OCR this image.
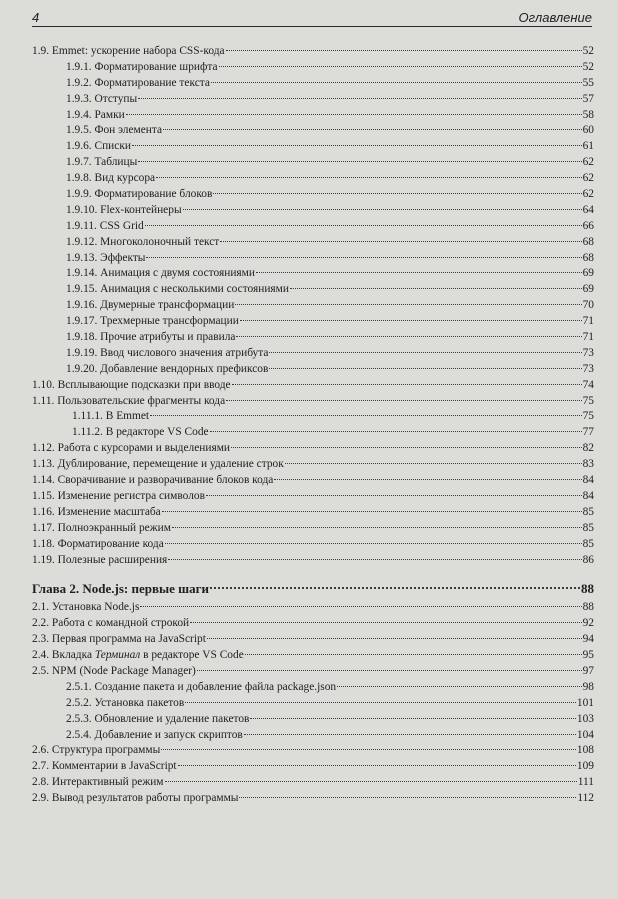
4	Оглавление
1.9. Emmet: ускорение набора CSS-кода	52
1.9.1. Форматирование шрифта	52
1.9.2. Форматирование текста	55
1.9.3. Отступы	57
1.9.4. Рамки	58
1.9.5. Фон элемента	60
1.9.6. Списки	61
1.9.7. Таблицы	62
1.9.8. Вид курсора	62
1.9.9. Форматирование блоков	62
1.9.10. Flex-контейнеры	64
1.9.11. CSS Grid	66
1.9.12. Многоколоночный текст	68
1.9.13. Эффекты	68
1.9.14. Анимация с двумя состояниями	69
1.9.15. Анимация с несколькими состояниями	69
1.9.16. Двумерные трансформации	70
1.9.17. Трехмерные трансформации	71
1.9.18. Прочие атрибуты и правила	71
1.9.19. Ввод числового значения атрибута	73
1.9.20. Добавление вендорных префиксов	73
1.10. Всплывающие подсказки при вводе	74
1.11. Пользовательские фрагменты кода	75
1.11.1. В Emmet	75
1.11.2. В редакторе VS Code	77
1.12. Работа с курсорами и выделениями	82
1.13. Дублирование, перемещение и удаление строк	83
1.14. Сворачивание и разворачивание блоков кода	84
1.15. Изменение регистра символов	84
1.16. Изменение масштаба	85
1.17. Полноэкранный режим	85
1.18. Форматирование кода	85
1.19. Полезные расширения	86
Глава 2. Node.js: первые шаги	88
2.1. Установка Node.js	88
2.2. Работа с командной строкой	92
2.3. Первая программа на JavaScript	94
2.4. Вкладка Терминал в редакторе VS Code	95
2.5. NPM (Node Package Manager)	97
2.5.1. Создание пакета и добавление файла package.json	98
2.5.2. Установка пакетов	101
2.5.3. Обновление и удаление пакетов	103
2.5.4. Добавление и запуск скриптов	104
2.6. Структура программы	108
2.7. Комментарии в JavaScript	109
2.8. Интерактивный режим	111
2.9. Вывод результатов работы программы	112
